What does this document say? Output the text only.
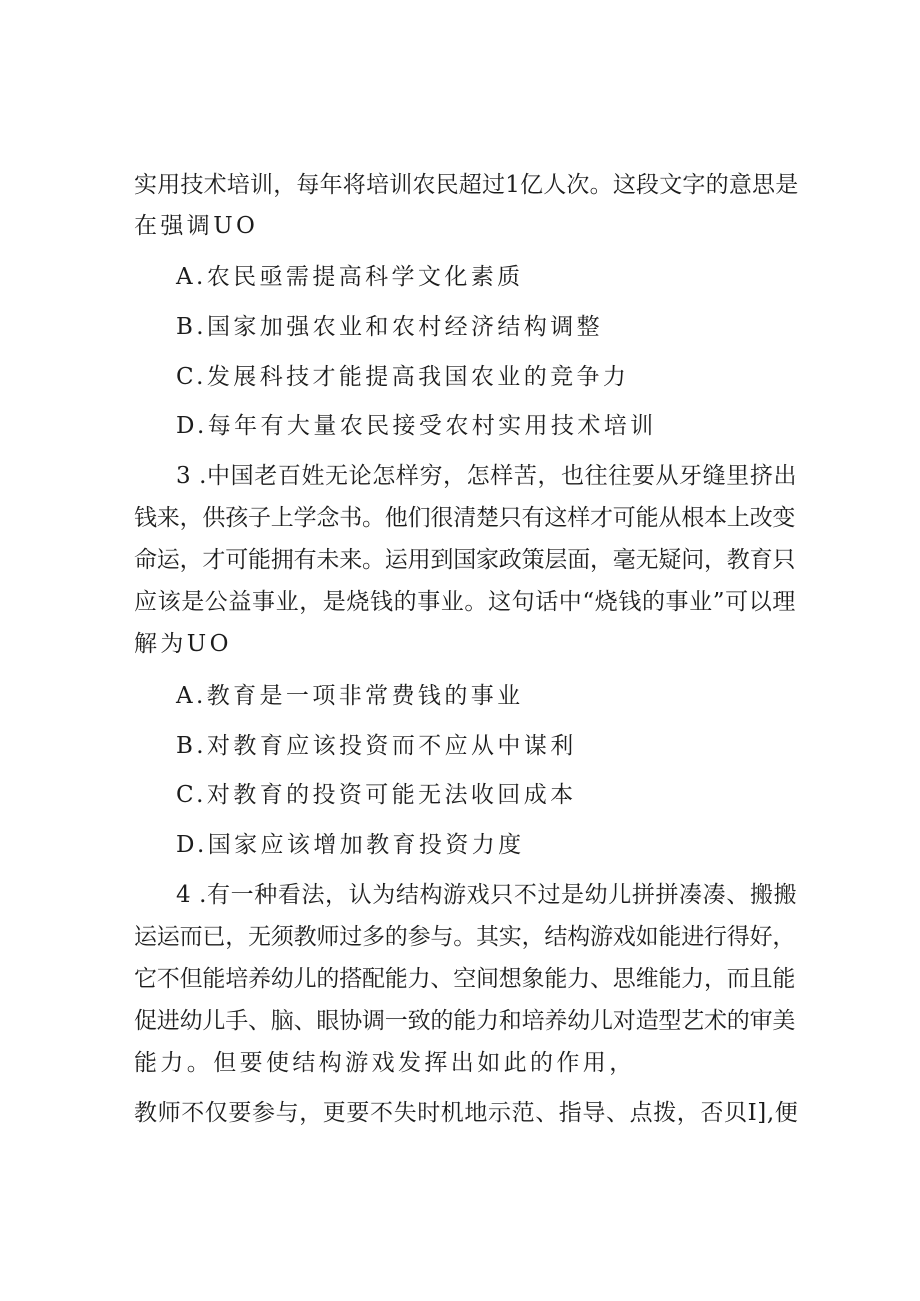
实用技术培训，每年将培训农民超过1亿人次。这段文字的意思是
在强调UO
A.农民亟需提高科学文化素质
B.国家加强农业和农村经济结构调整
C.发展科技才能提高我国农业的竞争力
D.每年有大量农民接受农村实用技术培训
3 .中国老百姓无论怎样穷，怎样苦，也往往要从牙缝里挤出
钱来，供孩子上学念书。他们很清楚只有这样才可能从根本上改变
命运，才可能拥有未来。运用到国家政策层面，毫无疑问，教育只
应该是公益事业，是烧钱的事业。这句话中“烧钱的事业”可以理
解为UO
A.教育是一项非常费钱的事业
B.对教育应该投资而不应从中谋利
C.对教育的投资可能无法收回成本
D.国家应该增加教育投资力度
4 .有一种看法，认为结构游戏只不过是幼儿拼拼凑凑、搬搬
运运而已，无须教师过多的参与。其实，结构游戏如能进行得好，
它不但能培养幼儿的搭配能力、空间想象能力、思维能力，而且能
促进幼儿手、脑、眼协调一致的能力和培养幼儿对造型艺术的审美
能力。但要使结构游戏发挥出如此的作用，
教师不仅要参与，更要不失时机地示范、指导、点拨，否贝I],便
